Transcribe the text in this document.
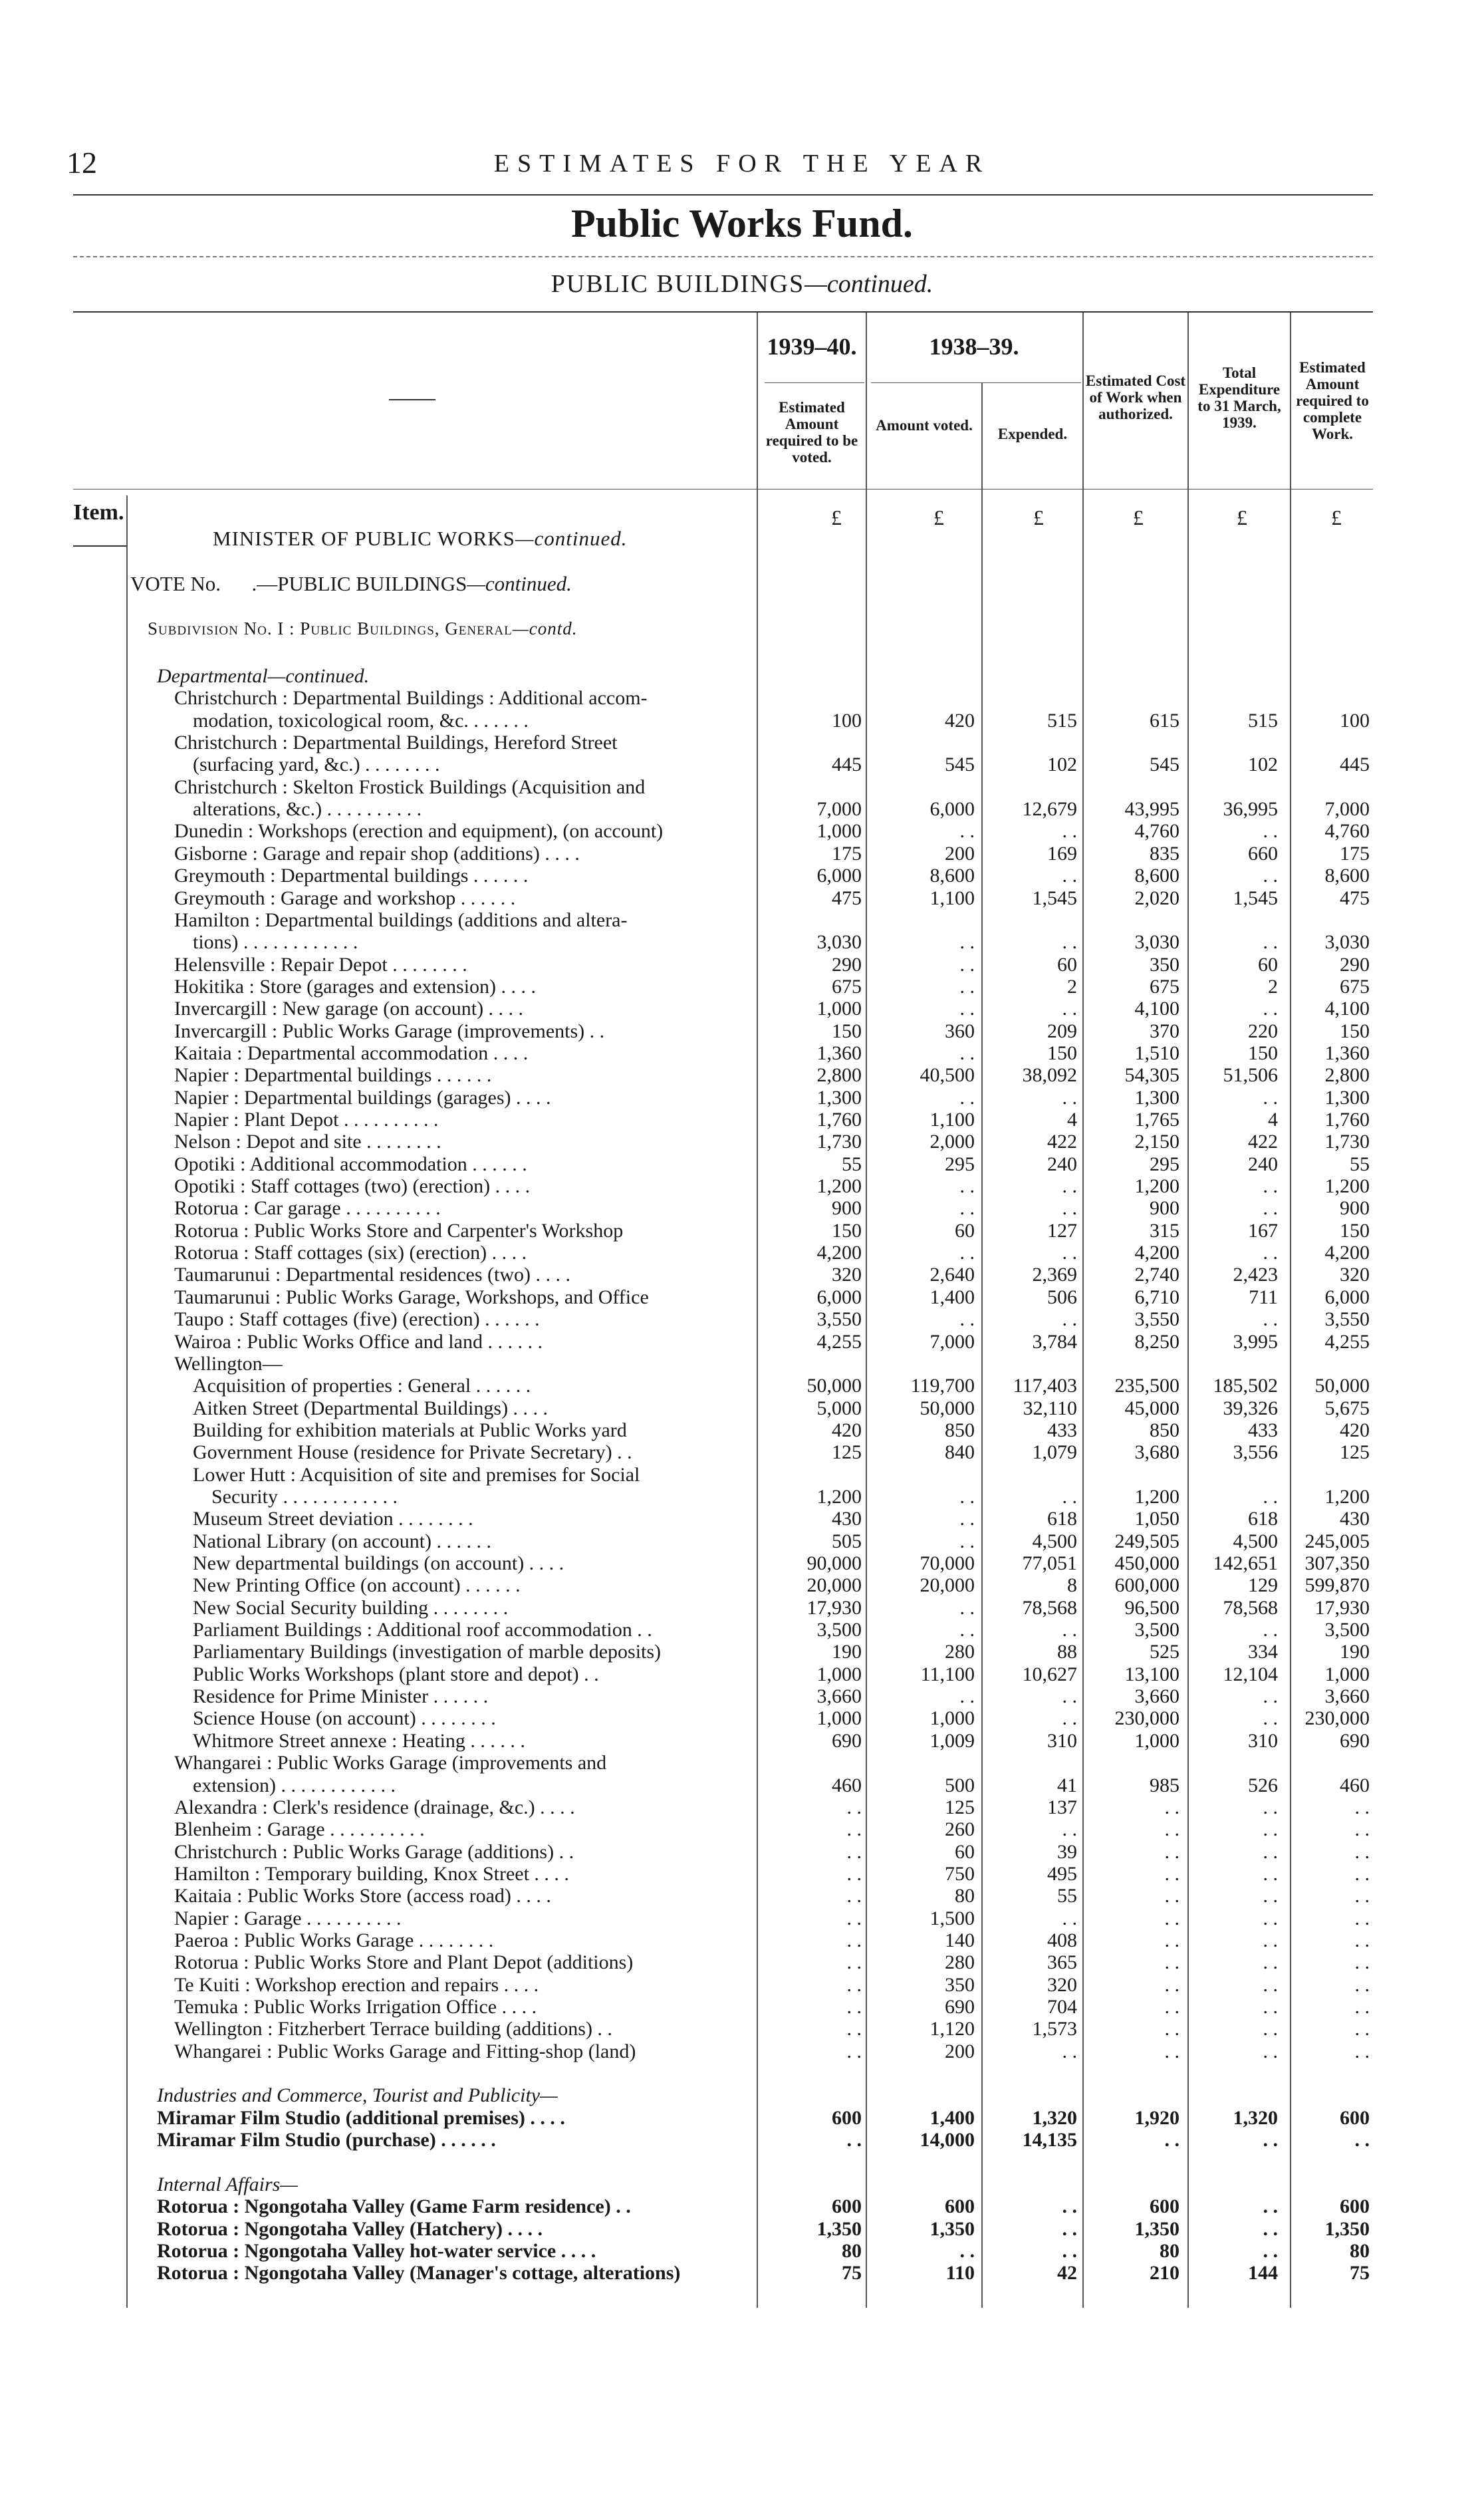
12	ESTIMATES FOR THE YEAR
Public Works Fund.
PUBLIC BUILDINGS—continued.
1939–40.	1938–39.
Estimated Amount required to be voted.
Amount voted.
Expended.
Estimated Cost of Work when authorized.
Total Expenditure to 31 March, 1939.
Estimated Amount required to complete Work.
Item.	£	£	£	£	£	£
MINISTER OF PUBLIC WORKS—continued.
VOTE No.      .—PUBLIC BUILDINGS—continued.
Subdivision No. I : Public Buildings, General—contd.
Departmental—continued.
Christchurch : Departmental Buildings : Additional accom-
modation, toxicological room, &c. . . . . . .	100	420	515	615	515	100
Christchurch : Departmental Buildings, Hereford Street
(surfacing yard, &c.) . . . . . . . .	445	545	102	545	102	445
Christchurch : Skelton Frostick Buildings (Acquisition and
alterations, &c.) . . . . . . . . . .	7,000	6,000	12,679	43,995	36,995	7,000
Dunedin : Workshops (erection and equipment), (on account)	1,000	. .	. .	4,760	. .	4,760
Gisborne : Garage and repair shop (additions) . . . .	175	200	169	835	660	175
Greymouth : Departmental buildings . . . . . .	6,000	8,600	. .	8,600	. .	8,600
Greymouth : Garage and workshop . . . . . .	475	1,100	1,545	2,020	1,545	475
Hamilton : Departmental buildings (additions and altera-
tions) . . . . . . . . . . . .	3,030	. .	. .	3,030	. .	3,030
Helensville : Repair Depot . . . . . . . .	290	. .	60	350	60	290
Hokitika : Store (garages and extension) . . . .	675	. .	2	675	2	675
Invercargill : New garage (on account) . . . .	1,000	. .	. .	4,100	. .	4,100
Invercargill : Public Works Garage (improvements) . .	150	360	209	370	220	150
Kaitaia : Departmental accommodation . . . .	1,360	. .	150	1,510	150	1,360
Napier : Departmental buildings . . . . . .	2,800	40,500	38,092	54,305	51,506	2,800
Napier : Departmental buildings (garages) . . . .	1,300	. .	. .	1,300	. .	1,300
Napier : Plant Depot . . . . . . . . . .	1,760	1,100	4	1,765	4	1,760
Nelson : Depot and site . . . . . . . .	1,730	2,000	422	2,150	422	1,730
Opotiki : Additional accommodation . . . . . .	55	295	240	295	240	55
Opotiki : Staff cottages (two) (erection) . . . .	1,200	. .	. .	1,200	. .	1,200
Rotorua : Car garage . . . . . . . . . .	900	. .	. .	900	. .	900
Rotorua : Public Works Store and Carpenter's Workshop	150	60	127	315	167	150
Rotorua : Staff cottages (six) (erection) . . . .	4,200	. .	. .	4,200	. .	4,200
Taumarunui : Departmental residences (two) . . . .	320	2,640	2,369	2,740	2,423	320
Taumarunui : Public Works Garage, Workshops, and Office	6,000	1,400	506	6,710	711	6,000
Taupo : Staff cottages (five) (erection) . . . . . .	3,550	. .	. .	3,550	. .	3,550
Wairoa : Public Works Office and land . . . . . .	4,255	7,000	3,784	8,250	3,995	4,255
Wellington—
Acquisition of properties : General . . . . . .	50,000	119,700	117,403	235,500	185,502	50,000
Aitken Street (Departmental Buildings) . . . .	5,000	50,000	32,110	45,000	39,326	5,675
Building for exhibition materials at Public Works yard	420	850	433	850	433	420
Government House (residence for Private Secretary) . .	125	840	1,079	3,680	3,556	125
Lower Hutt : Acquisition of site and premises for Social
Security . . . . . . . . . . . .	1,200	. .	. .	1,200	. .	1,200
Museum Street deviation . . . . . . . .	430	. .	618	1,050	618	430
National Library (on account) . . . . . .	505	. .	4,500	249,505	4,500	245,005
New departmental buildings (on account) . . . .	90,000	70,000	77,051	450,000	142,651	307,350
New Printing Office (on account) . . . . . .	20,000	20,000	8	600,000	129	599,870
New Social Security building . . . . . . . .	17,930	. .	78,568	96,500	78,568	17,930
Parliament Buildings : Additional roof accommodation . .	3,500	. .	. .	3,500	. .	3,500
Parliamentary Buildings (investigation of marble deposits)	190	280	88	525	334	190
Public Works Workshops (plant store and depot) . .	1,000	11,100	10,627	13,100	12,104	1,000
Residence for Prime Minister . . . . . .	3,660	. .	. .	3,660	. .	3,660
Science House (on account) . . . . . . . .	1,000	1,000	. .	230,000	. .	230,000
Whitmore Street annexe : Heating . . . . . .	690	1,009	310	1,000	310	690
Whangarei : Public Works Garage (improvements and
extension) . . . . . . . . . . . .	460	500	41	985	526	460
Alexandra : Clerk's residence (drainage, &c.) . . . .	. .	125	137	. .	. .	. .
Blenheim : Garage . . . . . . . . . .	. .	260	. .	. .	. .	. .
Christchurch : Public Works Garage (additions) . .	. .	60	39	. .	. .	. .
Hamilton : Temporary building, Knox Street . . . .	. .	750	495	. .	. .	. .
Kaitaia : Public Works Store (access road) . . . .	. .	80	55	. .	. .	. .
Napier : Garage . . . . . . . . . .	. .	1,500	. .	. .	. .	. .
Paeroa : Public Works Garage . . . . . . . .	. .	140	408	. .	. .	. .
Rotorua : Public Works Store and Plant Depot (additions)	. .	280	365	. .	. .	. .
Te Kuiti : Workshop erection and repairs . . . .	. .	350	320	. .	. .	. .
Temuka : Public Works Irrigation Office . . . .	. .	690	704	. .	. .	. .
Wellington : Fitzherbert Terrace building (additions) . .	. .	1,120	1,573	. .	. .	. .
Whangarei : Public Works Garage and Fitting-shop (land)	. .	200	. .	. .	. .	. .
Industries and Commerce, Tourist and Publicity—
Miramar Film Studio (additional premises) . . . .	600	1,400	1,320	1,920	1,320	600
Miramar Film Studio (purchase) . . . . . .	. .	14,000	14,135	. .	. .	. .
Internal Affairs—
Rotorua : Ngongotaha Valley (Game Farm residence) . .	600	600	. .	600	. .	600
Rotorua : Ngongotaha Valley (Hatchery) . . . .	1,350	1,350	. .	1,350	. .	1,350
Rotorua : Ngongotaha Valley hot-water service . . . .	80	. .	. .	80	. .	80
Rotorua : Ngongotaha Valley (Manager's cottage, alterations)	75	110	42	210	144	75
